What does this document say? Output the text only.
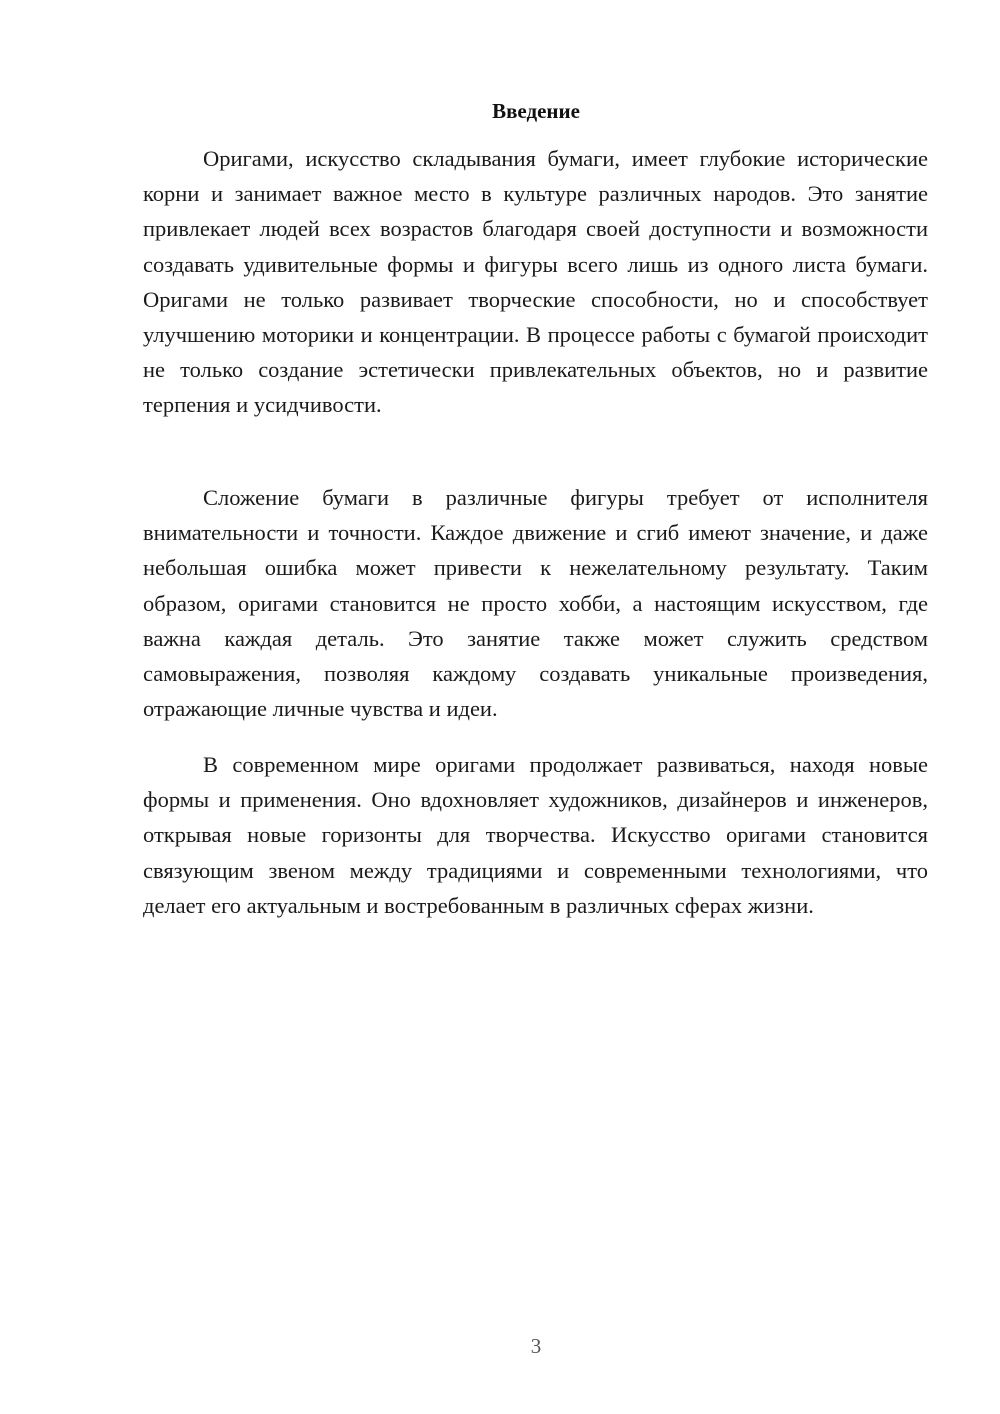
Введение

Оригами, искусство складывания бумаги, имеет глубокие исторические корни и занимает важное место в культуре различных народов. Это занятие привлекает людей всех возрастов благодаря своей доступности и возможности создавать удивительные формы и фигуры всего лишь из одного листа бумаги. Оригами не только развивает творческие способности, но и способствует улучшению моторики и концентрации. В процессе работы с бумагой происходит не только создание эстетически привлекательных объектов, но и развитие терпения и усидчивости.

Сложение бумаги в различные фигуры требует от исполнителя внимательности и точности. Каждое движение и сгиб имеют значение, и даже небольшая ошибка может привести к нежелательному результату. Таким образом, оригами становится не просто хобби, а настоящим искусством, где важна каждая деталь. Это занятие также может служить средством самовыражения, позволяя каждому создавать уникальные произведения, отражающие личные чувства и идеи.

В современном мире оригами продолжает развиваться, находя новые формы и применения. Оно вдохновляет художников, дизайнеров и инженеров, открывая новые горизонты для творчества. Искусство оригами становится связующим звеном между традициями и современными технологиями, что делает его актуальным и востребованным в различных сферах жизни.

3
